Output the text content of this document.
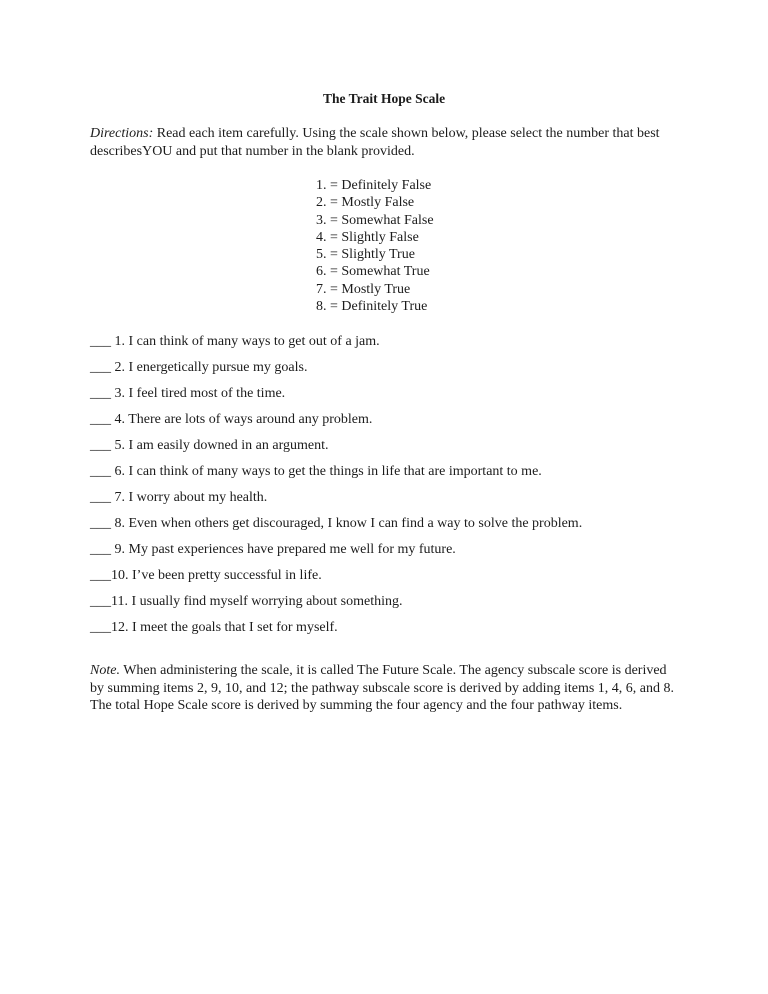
The Trait Hope Scale
Directions: Read each item carefully. Using the scale shown below, please select the number that best describesYOU and put that number in the blank provided.
1. = Definitely False
2. = Mostly False
3. = Somewhat False
4. = Slightly False
5. = Slightly True
6. = Somewhat True
7. = Mostly True
8. = Definitely True
___ 1. I can think of many ways to get out of a jam.
___ 2. I energetically pursue my goals.
___ 3. I feel tired most of the time.
___ 4. There are lots of ways around any problem.
___ 5. I am easily downed in an argument.
___ 6. I can think of many ways to get the things in life that are important to me.
___ 7. I worry about my health.
___ 8. Even when others get discouraged, I know I can find a way to solve the problem.
___ 9. My past experiences have prepared me well for my future.
___10. I’ve been pretty successful in life.
___11. I usually find myself worrying about something.
___12. I meet the goals that I set for myself.
Note. When administering the scale, it is called The Future Scale. The agency subscale score is derived by summing items 2, 9, 10, and 12; the pathway subscale score is derived by adding items 1, 4, 6, and 8. The total Hope Scale score is derived by summing the four agency and the four pathway items.
